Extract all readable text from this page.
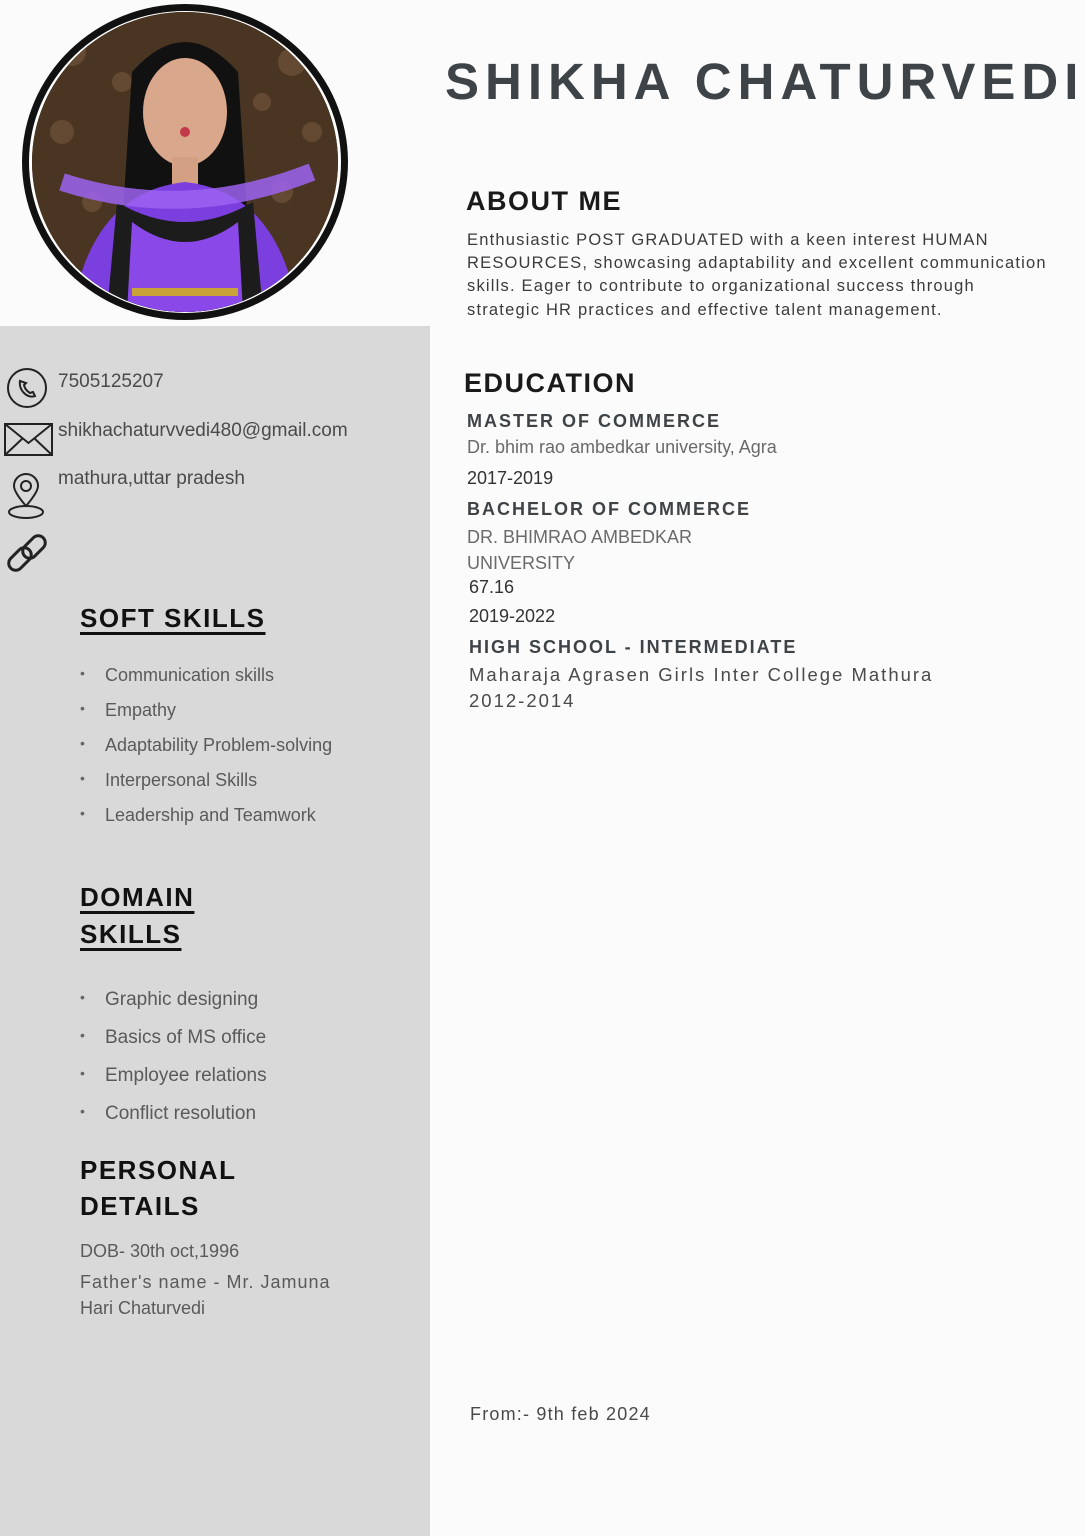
SHIKHA CHATURVEDI
ABOUT ME
Enthusiastic POST GRADUATED with a keen interest HUMAN RESOURCES, showcasing adaptability and excellent communication skills. Eager to contribute to organizational success through strategic HR practices and effective talent management.
EDUCATION
MASTER OF COMMERCE
Dr. bhim rao ambedkar university, Agra
2017-2019
BACHELOR OF COMMERCE
DR. BHIMRAO AMBEDKAR
UNIVERSITY
67.16
2019-2022
HIGH SCHOOL - INTERMEDIATE
Maharaja Agrasen Girls Inter College Mathura
2012-2014
7505125207
shikhachaturvvedi480@gmail.com
mathura,uttar pradesh
SOFT SKILLS
• Communication skills
• Empathy
• Adaptability Problem-solving
• Interpersonal Skills
• Leadership and Teamwork
DOMAIN
SKILLS
• Graphic designing
• Basics of MS office
• Employee relations
• Conflict resolution
PERSONAL
DETAILS
DOB- 30th oct,1996
Father's name - Mr. Jamuna
Hari Chaturvedi
From:- 9th feb 2024
